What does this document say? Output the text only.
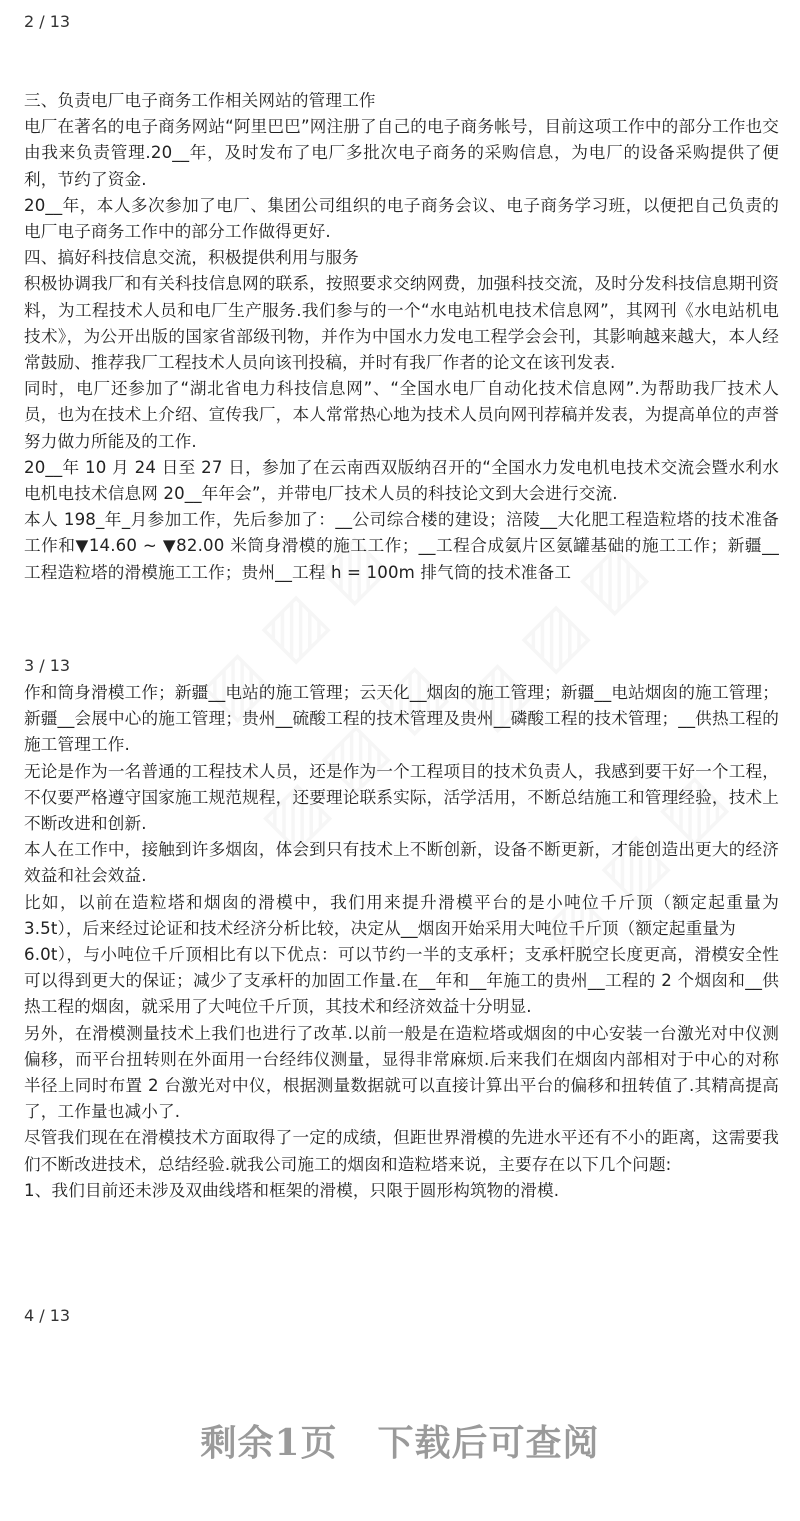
2 / 13

三、负责电厂电子商务工作相关网站的管理工作

电厂在著名的电子商务网站“阿里巴巴”网注册了自己的电子商务帐号，目前这项工作中的部分工作也交由我来负责管理.20__年，及时发布了电厂多批次电子商务的采购信息，为电厂的设备采购提供了便利，节约了资金.

20__年，本人多次参加了电厂、集团公司组织的电子商务会议、电子商务学习班，以便把自己负责的电厂电子商务工作中的部分工作做得更好.

四、搞好科技信息交流，积极提供利用与服务

积极协调我厂和有关科技信息网的联系，按照要求交纳网费，加强科技交流，及时分发科技信息期刊资料，为工程技术人员和电厂生产服务.我们参与的一个“水电站机电技术信息网”，其网刊《水电站机电技术》，为公开出版的国家省部级刊物，并作为中国水力发电工程学会会刊，其影响越来越大，本人经常鼓励、推荐我厂工程技术人员向该刊投稿，并时有我厂作者的论文在该刊发表.

同时，电厂还参加了“湖北省电力科技信息网”、“全国水电厂自动化技术信息网”.为帮助我厂技术人员，也为在技术上介绍、宣传我厂，本人常常热心地为技术人员向网刊荐稿并发表，为提高单位的声誉努力做力所能及的工作.

20__年 10 月 24 日至 27 日，参加了在云南西双版纳召开的“全国水力发电机电技术交流会暨水利水电机电技术信息网 20__年年会”，并带电厂技术人员的科技论文到大会进行交流.

本人 198_年_月参加工作，先后参加了：__公司综合楼的建设；涪陵__大化肥工程造粒塔的技术准备工作和▼14.60 ~ ▼82.00 米筒身滑模的施工工作；__工程合成氨片区氨罐基础的施工工作；新疆__工程造粒塔的滑模施工工作；贵州__工程 h = 100m 排气筒的技术准备工

3 / 13

作和筒身滑模工作；新疆__电站的施工管理；云天化__烟囱的施工管理；新疆__电站烟囱的施工管理；新疆__会展中心的施工管理；贵州__硫酸工程的技术管理及贵州__磷酸工程的技术管理；__供热工程的施工管理工作.

无论是作为一名普通的工程技术人员，还是作为一个工程项目的技术负责人，我感到要干好一个工程，不仅要严格遵守国家施工规范规程，还要理论联系实际，活学活用，不断总结施工和管理经验，技术上不断改进和创新.

本人在工作中，接触到许多烟囱，体会到只有技术上不断创新，设备不断更新，才能创造出更大的经济效益和社会效益.

比如，以前在造粒塔和烟囱的滑模中，我们用来提升滑模平台的是小吨位千斤顶（额定起重量为 3.5t），后来经过论证和技术经济分析比较，决定从__烟囱开始采用大吨位千斤顶（额定起重量为

6.0t），与小吨位千斤顶相比有以下优点：可以节约一半的支承杆；支承杆脱空长度更高，滑模安全性可以得到更大的保证；减少了支承杆的加固工作量.在__年和__年施工的贵州__工程的 2 个烟囱和__供热工程的烟囱，就采用了大吨位千斤顶，其技术和经济效益十分明显.

另外，在滑模测量技术上我们也进行了改革.以前一般是在造粒塔或烟囱的中心安装一台激光对中仪测偏移，而平台扭转则在外面用一台经纬仪测量，显得非常麻烦.后来我们在烟囱内部相对于中心的对称半径上同时布置 2 台激光对中仪，根据测量数据就可以直接计算出平台的偏移和扭转值了.其精高提高了，工作量也减小了.

尽管我们现在在滑模技术方面取得了一定的成绩，但距世界滑模的先进水平还有不小的距离，这需要我们不断改进技术，总结经验.就我公司施工的烟囱和造粒塔来说，主要存在以下几个问题:

1、我们目前还未涉及双曲线塔和框架的滑模，只限于圆形构筑物的滑模.

4 / 13
剩余1页 下载后可查阅
